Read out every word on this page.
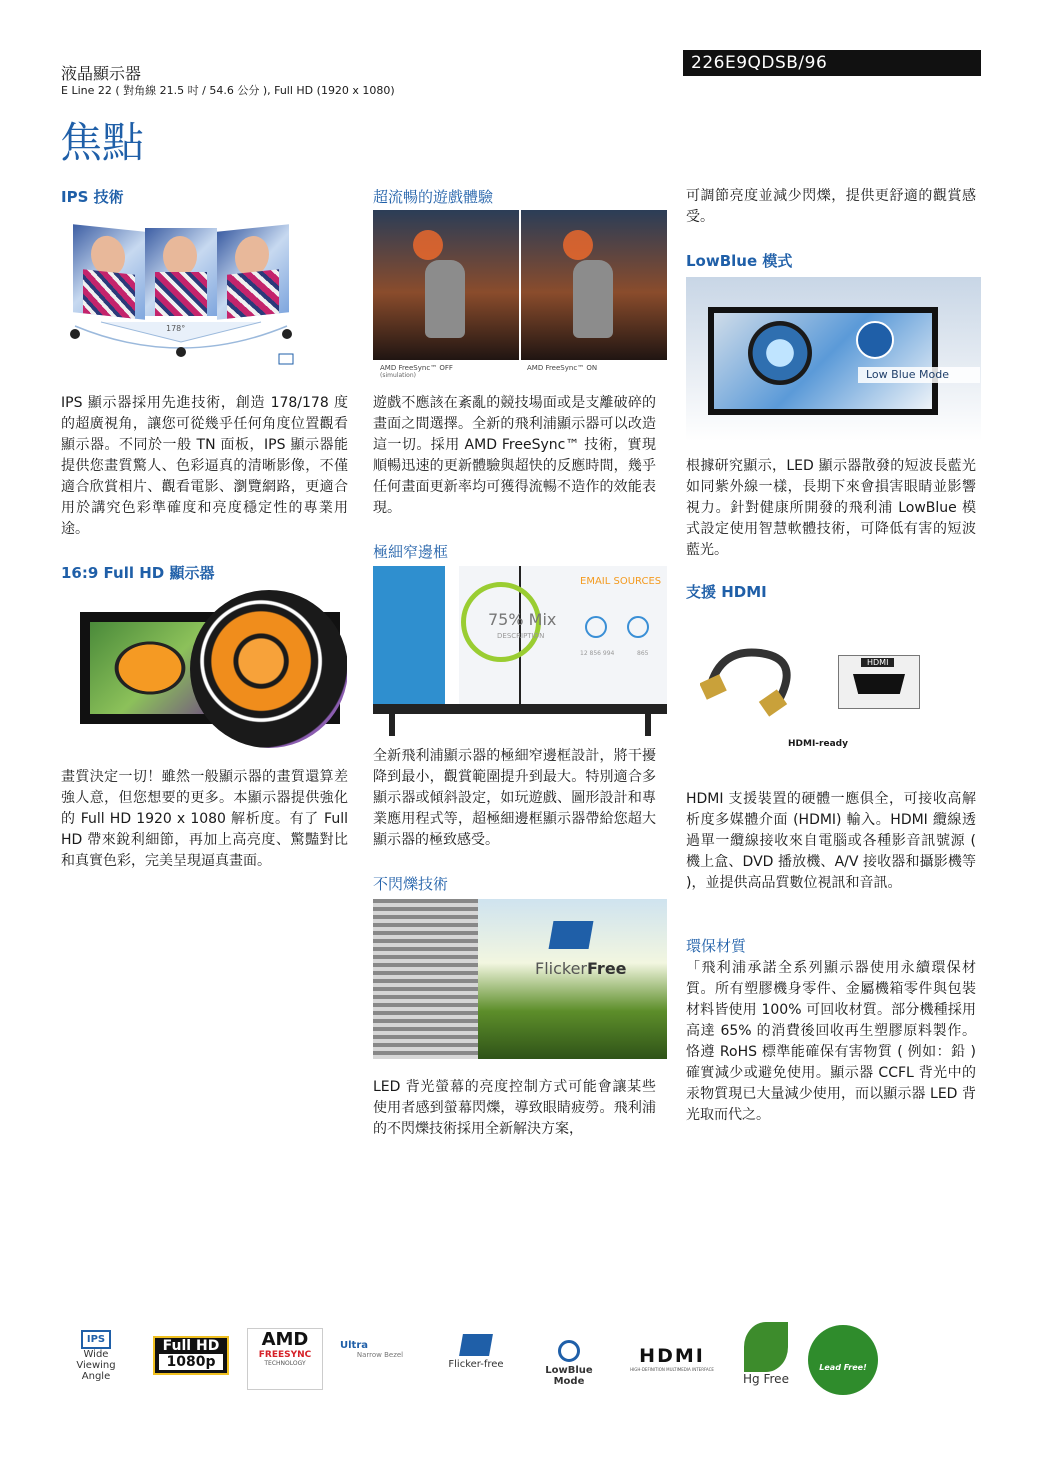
液晶顯示器
E Line 22 ( 對角線 21.5 吋 / 54.6 公分 ), Full HD (1920 x 1080)
226E9QDSB/96
焦點
IPS 技術
178°
IPS 顯示器採用先進技術，創造 178/178 度的超廣視角，讓您可從幾乎任何角度位置觀看顯示器。不同於一般 TN 面板，IPS 顯示器能提供您畫質驚人、色彩逼真的清晰影像，不僅適合欣賞相片、觀看電影、瀏覽網路，更適合用於講究色彩準確度和亮度穩定性的專業用途。
16:9 Full HD 顯示器
畫質決定一切！雖然一般顯示器的畫質還算差強人意，但您想要的更多。本顯示器提供強化的 Full HD 1920 x 1080 解析度。有了 Full HD 帶來銳利細節，再加上高亮度、驚豔對比和真實色彩，完美呈現逼真畫面。
超流暢的遊戲體驗
AMD FreeSync™ OFF
(simulation)
AMD FreeSync™ ON
遊戲不應該在紊亂的競技場面或是支離破碎的畫面之間選擇。全新的飛利浦顯示器可以改造這一切。採用 AMD FreeSync™ 技術，實現順暢迅速的更新體驗與超快的反應時間，幾乎任何畫面更新率均可獲得流暢不造作的效能表現。
極細窄邊框
75% Mix
DESCRIPTION
EMAIL SOURCES
12 856 994	865
全新飛利浦顯示器的極細窄邊框設計，將干擾降到最小，觀賞範圍提升到最大。特別適合多顯示器或傾斜設定，如玩遊戲、圖形設計和專業應用程式等，超極細邊框顯示器帶給您超大顯示器的極致感受。
不閃爍技術
FlickerFree
LED 背光螢幕的亮度控制方式可能會讓某些使用者感到螢幕閃爍，導致眼睛疲勞。飛利浦的不閃爍技術採用全新解決方案，
可調節亮度並減少閃爍，提供更舒適的觀賞感受。
LowBlue 模式
Low Blue Mode
根據研究顯示，LED 顯示器散發的短波長藍光如同紫外線一樣，長期下來會損害眼睛並影響視力。針對健康所開發的飛利浦 LowBlue 模式設定使用智慧軟體技術，可降低有害的短波藍光。
支援 HDMI
HDMI
HDMI-ready
HDMI 支援裝置的硬體一應俱全，可接收高解析度多媒體介面 (HDMI) 輸入。HDMI 纜線透過單一纜線接收來自電腦或各種影音訊號源 ( 機上盒、DVD 播放機、A/V 接收器和攝影機等 )，並提供高品質數位視訊和音訊。
環保材質
「飛利浦承諾全系列顯示器使用永續環保材質。所有塑膠機身零件、金屬機箱零件與包裝材料皆使用 100% 可回收材質。部分機種採用高達 65% 的消費後回收再生塑膠原料製作。恪遵 RoHS 標準能確保有害物質 ( 例如：鉛 ) 確實減少或避免使用。顯示器 CCFL 背光中的汞物質現已大量減少使用，而以顯示器 LED 背光取而代之。
IPS
Wide Viewing
Angle
Full HD
1080p
AMD
FREESYNC
TECHNOLOGY
Ultra
Narrow Bezel
Flicker-free
LowBlue Mode
HDMI
HIGH-DEFINITION MULTIMEDIA INTERFACE
Hg Free
Lead Free!
